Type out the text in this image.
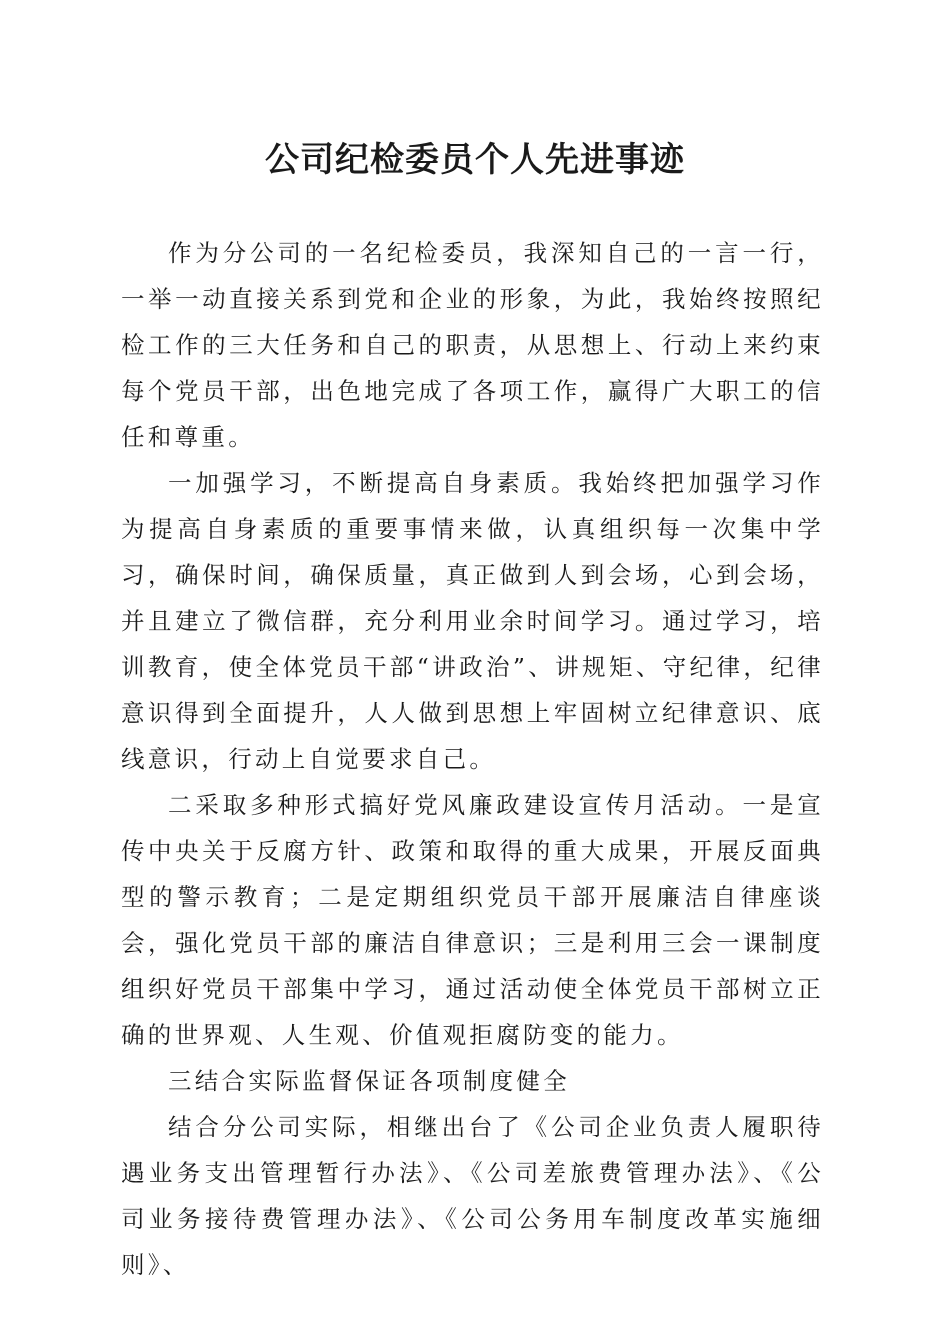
公司纪检委员个人先进事迹

作为分公司的一名纪检委员，我深知自己的一言一行，一举一动直接关系到党和企业的形象，为此，我始终按照纪检工作的三大任务和自己的职责，从思想上、行动上来约束每个党员干部，出色地完成了各项工作，赢得广大职工的信任和尊重。

一加强学习，不断提高自身素质。我始终把加强学习作为提高自身素质的重要事情来做，认真组织每一次集中学习，确保时间，确保质量，真正做到人到会场，心到会场，并且建立了微信群，充分利用业余时间学习。通过学习，培训教育，使全体党员干部“讲政治”、讲规矩、守纪律，纪律意识得到全面提升，人人做到思想上牢固树立纪律意识、底线意识，行动上自觉要求自己。

二采取多种形式搞好党风廉政建设宣传月活动。一是宣传中央关于反腐方针、政策和取得的重大成果，开展反面典型的警示教育；二是定期组织党员干部开展廉洁自律座谈会，强化党员干部的廉洁自律意识；三是利用三会一课制度组织好党员干部集中学习，通过活动使全体党员干部树立正确的世界观、人生观、价值观拒腐防变的能力。

三结合实际监督保证各项制度健全

结合分公司实际，相继出台了《公司企业负责人履职待遇业务支出管理暂行办法》、《公司差旅费管理办法》、《公司业务接待费管理办法》、《公司公务用车制度改革实施细则》、
